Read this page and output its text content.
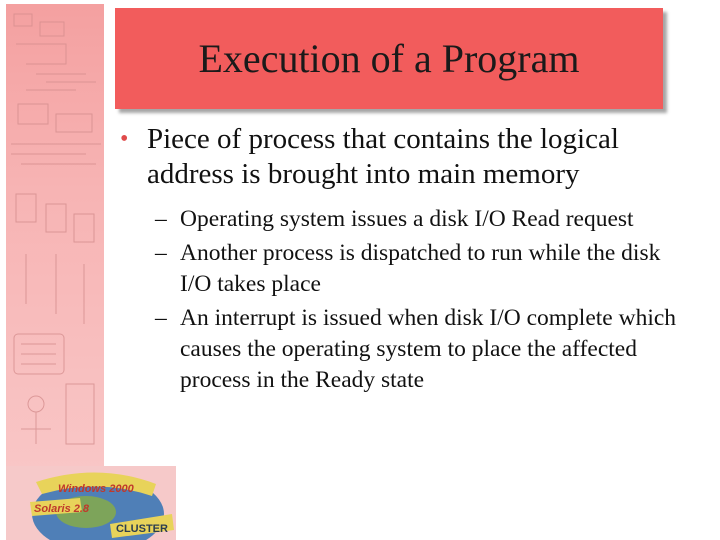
Windows 2000
Solaris 2.8
CLUSTER
Execution of a Program
• Piece of process that contains the logical address is brought into main memory
– Operating system issues a disk I/O Read request
– Another process is dispatched to run while the disk I/O takes place
– An interrupt is issued when disk I/O complete which causes the operating system to place the affected process in the Ready state
